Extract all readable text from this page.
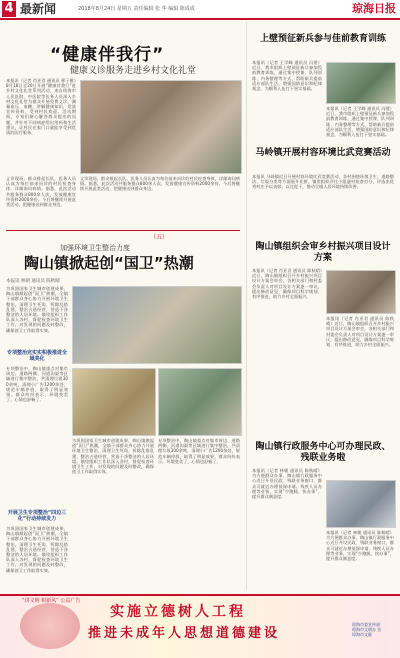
4 最新闻	2018年8月24日 星期五 责任编辑 张 华 编辑 陈成成	琼海日报
“健康伴我行”
健康义诊服务走进乡村文化礼堂
本报讯（记者 肖亚君 通讯员 邢子雅）8月18日至20日开展“健康伴我行”进乡村文化礼堂系列活动，来自琼海市人民医院、中医院等医务人员深入乡村文化礼堂为群众开展免费义诊，测量血压、血糖，讲解健康知识，发放宣传资料，受到村民欢迎。活动期间，专家们耐心解答群众提出的问题，并针对不同病症给出用药和生活建议，让村民在家门口就能享受到优质的医疗服务。
义诊现场，群众排起长队，医务人员认真为每位前来问诊的村民检查身体，详细询问病情。据悉，此次活动共服务群众800余人次，发放健康宣传资料2000余份。今后将继续开展此类活动，把健康送到群众身边。
义诊现场，群众排起长队，医务人员认真为每位前来问诊的村民检查身体，详细询问病情。据悉，此次活动共服务群众800余人次，发放健康宣传资料2000余份。今后将继续开展此类活动，把健康送到群众身边。
（五）
加强环境卫生整治力度
陶山镇掀起创“国卫”热潮
本报讯 林朝 通讯员 陈秋晴
为巩固国家卫生城市创建成果，陶山镇掀起创“国卫”热潮，全镇干部群众齐心协力开展环境卫生整治，清理卫生死角，拆除乱搭乱建，整治占道经营，营造干净整洁的人居环境。镇里组织工作队深入各村，督促检查环境卫生工作，对发现的问题及时整改，确保创卫工作取得实效。
专项整治完实实积极推进全域美化
专项整治中，陶山镇重点对集市周边、道路两侧、河道沟渠等区域进行集中整治，共清理垃圾300余吨，清理小广告1200余处，规范车辆停放，取得了明显效果。群众纷纷表示，环境变美了，心情也舒畅了。
为巩固国家卫生城市创建成果，陶山镇掀起创“国卫”热潮，全镇干部群众齐心协力开展环境卫生整治，清理卫生死角，拆除乱搭乱建，整治占道经营，营造干净整洁的人居环境。镇里组织工作队深入各村，督促检查环境卫生工作，对发现的问题及时整改，确保创卫工作取得实效。
专项整治中，陶山镇重点对集市周边、道路两侧、河道沟渠等区域进行集中整治，共清理垃圾300余吨，清理小广告1200余处，规范车辆停放，取得了明显效果。群众纷纷表示，环境变美了，心情也舒畅了。
开展卫生专项整治“四边三化”行动持续发力
为巩固国家卫生城市创建成果，陶山镇掀起创“国卫”热潮，全镇干部群众齐心协力开展环境卫生整治，清理卫生死角，拆除乱搭乱建，整治占道经营，营造干净整洁的人居环境。镇里组织工作队深入各村，督促检查环境卫生工作，对发现的问题及时整改，确保创卫工作取得实效。
上壁预征新兵参与佳前教育训练
本报讯（记者 王学峰 通讯员 冯建）近日，我市组织上壁预征新兵参加役前教育训练，通过集中授课、队列训练、内务整理等方式，帮助新兵提前适应部队生活，增强国防意识和纪律观念，为顺利入伍打下坚实基础。
本报讯（记者 王学峰 通讯员 冯建）近日，我市组织上壁预征新兵参加役前教育训练，通过集中授课、队列训练、内务整理等方式，帮助新兵提前适应部队生活，增强国防意识和纪律观念，为顺利入伍打下坚实基础。
马岭镇开展村容环境比武竞赛活动
本报讯 马岭镇近日开展村容环境比武竞赛活动，各村围绕环境卫生、道路整洁、垃圾分类等方面展开比拼，镇里组织评比小组逐村检查打分，评选出优秀村庄予以表彰，以比促干，推动全镇人居环境持续改善。
陶山镇组织会审乡村振兴项目设计方案
本报讯（记者 肖亚君 通讯员 陈秋晴）近日，陶山镇组织召开乡村振兴项目设计方案会审会，各相关部门和村委会负责人对项目设计方案逐一审议，提出修改意见，确保项目科学规划、有序推进，助力乡村全面振兴。
本报讯（记者 肖亚君 通讯员 陈秋晴）近日，陶山镇组织召开乡村振兴项目设计方案会审会，各相关部门和村委会负责人对项目设计方案逐一审议，提出修改意见，确保项目科学规划、有序推进，助力乡村全面振兴。
陶山镇行政服务中心可办理民政、残联业务啦
本报讯（记者 林朝 通讯员 陈秋晴）为方便群众办事，陶山镇行政服务中心近日开设民政、残联业务窗口，群众可就近办理低保申请、残疾人证办理等业务，实现“少跑腿、快办事”，提升群众满意度。
本报讯（记者 林朝 通讯员 陈秋晴）为方便群众办事，陶山镇行政服务中心近日开设民政、残联业务窗口，群众可就近办理低保申请、残疾人证办理等业务，实现“少跑腿、快办事”，提升群众满意度。
“讲文明 树新风” 公益广告
实施立德树人工程
推进未成年人思想道德建设
琼海市委宣传部
琼海市文明办 宣
琼海市文联
